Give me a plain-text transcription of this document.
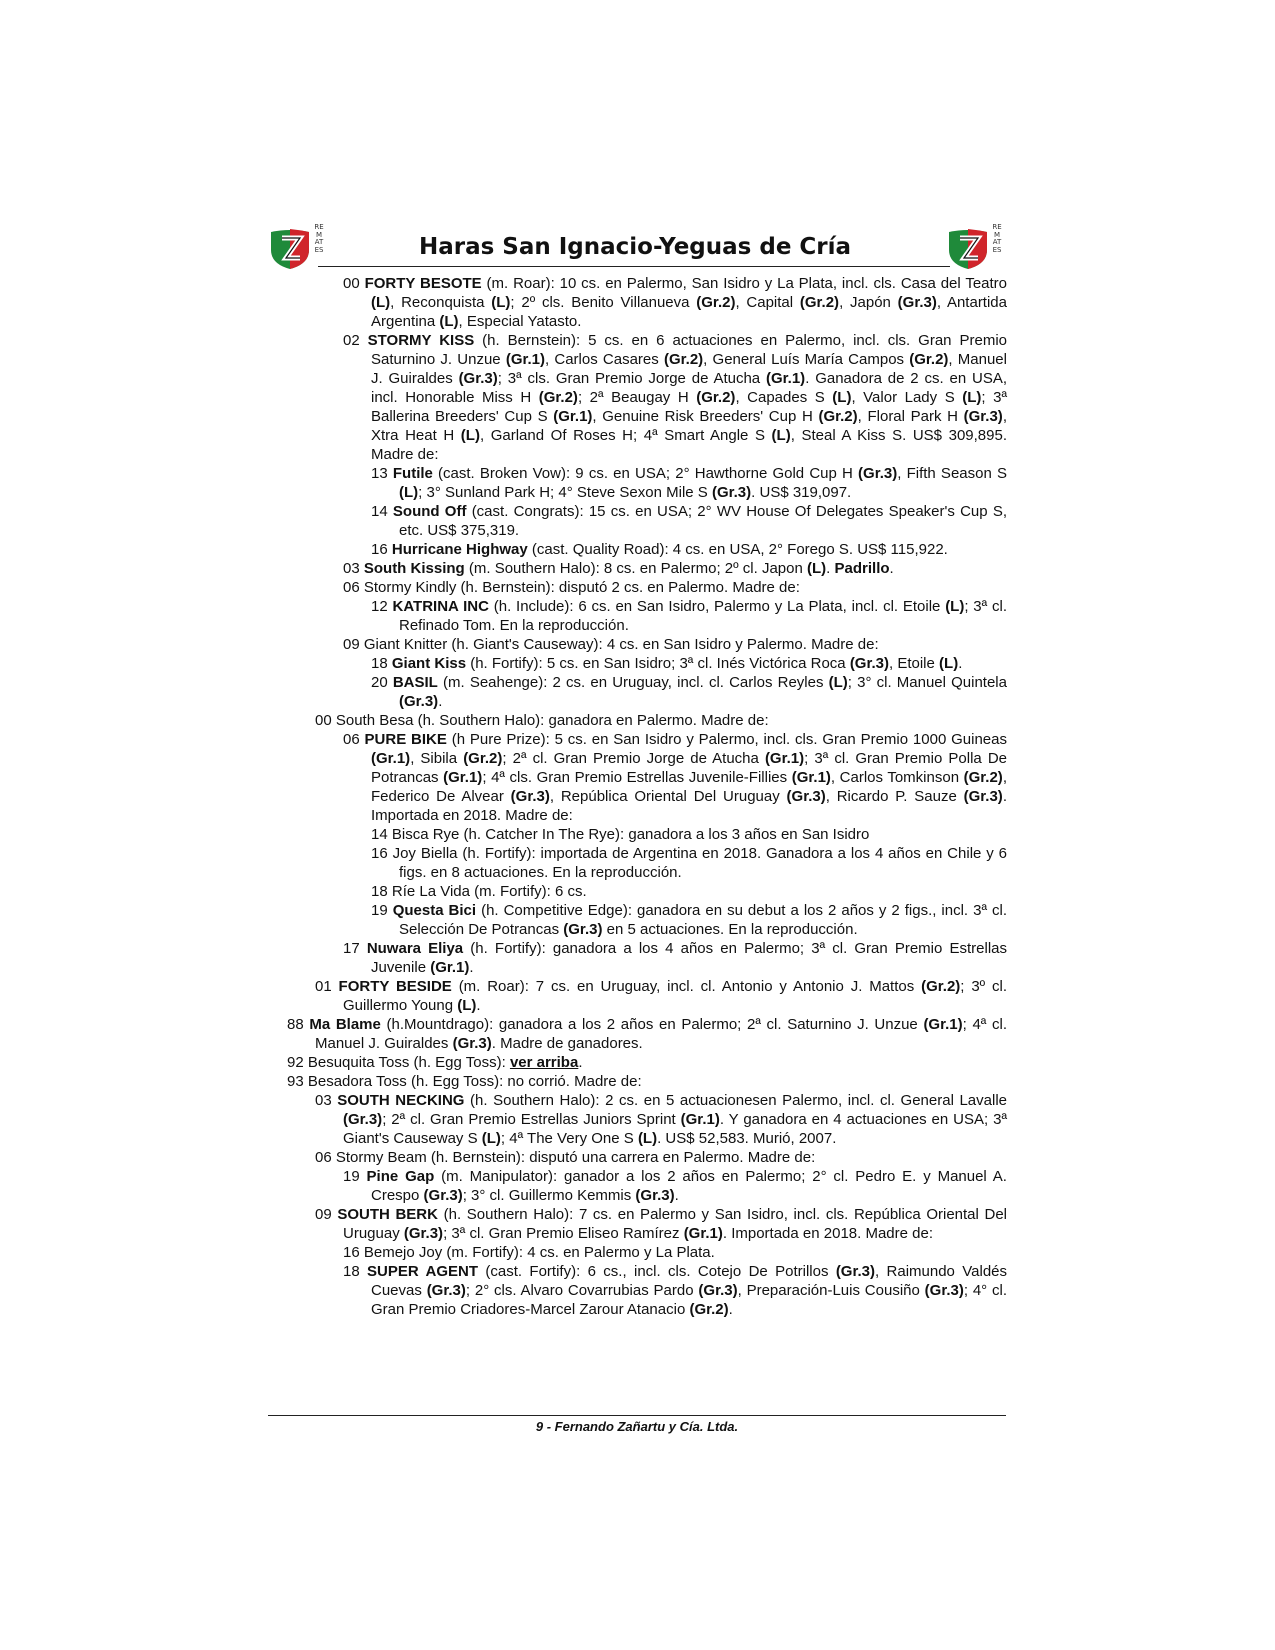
REMATES	Haras San Ignacio-Yeguas de Cría
REMATES

00 FORTY BESOTE (m. Roar): 10 cs. en Palermo, San Isidro y La Plata, incl. cls. Casa del Teatro (L), Reconquista (L); 2º cls. Benito Villanueva (Gr.2), Capital (Gr.2), Japón (Gr.3), Antartida Argentina (L), Especial Yatasto.

02 STORMY KISS (h. Bernstein): 5 cs. en 6 actuaciones en Palermo, incl. cls. Gran Premio Saturnino J. Unzue (Gr.1), Carlos Casares (Gr.2), General Luís María Campos (Gr.2), Manuel J. Guiraldes (Gr.3); 3ª cls. Gran Premio Jorge de Atucha (Gr.1). Ganadora de 2 cs. en USA, incl. Honorable Miss H (Gr.2); 2ª Beaugay H (Gr.2), Capades S (L), Valor Lady S (L); 3ª Ballerina Breeders' Cup S (Gr.1), Genuine Risk Breeders' Cup H (Gr.2), Floral Park H (Gr.3), Xtra Heat H (L), Garland Of Roses H; 4ª Smart Angle S (L), Steal A Kiss S. US$ 309,895. Madre de:

13 Futile (cast. Broken Vow): 9 cs. en USA; 2° Hawthorne Gold Cup H (Gr.3), Fifth Season S (L); 3° Sunland Park H; 4° Steve Sexon Mile S (Gr.3). US$ 319,097.

14 Sound Off (cast. Congrats): 15 cs. en USA; 2° WV House Of Delegates Speaker's Cup S, etc. US$ 375,319.

16 Hurricane Highway (cast. Quality Road): 4 cs. en USA, 2° Forego S. US$ 115,922.

03 South Kissing (m. Southern Halo): 8 cs. en Palermo; 2º cl. Japon (L). Padrillo.

06 Stormy Kindly (h. Bernstein): disputó 2 cs. en Palermo. Madre de:

12 KATRINA INC (h. Include): 6 cs. en San Isidro, Palermo y La Plata, incl. cl. Etoile (L); 3ª cl. Refinado Tom. En la reproducción.

09 Giant Knitter (h. Giant's Causeway): 4 cs. en San Isidro y Palermo. Madre de:

18 Giant Kiss (h. Fortify): 5 cs. en San Isidro; 3ª cl. Inés Victórica Roca (Gr.3), Etoile (L).

20 BASIL (m. Seahenge): 2 cs. en Uruguay, incl. cl. Carlos Reyles (L); 3° cl. Manuel Quintela (Gr.3).

00 South Besa (h. Southern Halo): ganadora en Palermo. Madre de:

06 PURE BIKE (h Pure Prize): 5 cs. en San Isidro y Palermo, incl. cls. Gran Premio 1000 Guineas (Gr.1), Sibila (Gr.2); 2ª cl. Gran Premio Jorge de Atucha (Gr.1); 3ª cl. Gran Premio Polla De Potrancas (Gr.1); 4ª cls. Gran Premio Estrellas Juvenile-Fillies (Gr.1), Carlos Tomkinson (Gr.2), Federico De Alvear (Gr.3), República Oriental Del Uruguay (Gr.3), Ricardo P. Sauze (Gr.3). Importada en 2018. Madre de:

14 Bisca Rye (h. Catcher In The Rye): ganadora a los 3 años en San Isidro

16 Joy Biella (h. Fortify): importada de Argentina en 2018. Ganadora a los 4 años en Chile y 6 figs. en 8 actuaciones. En la reproducción.

18 Ríe La Vida (m. Fortify): 6 cs.

19 Questa Bici (h. Competitive Edge): ganadora en su debut a los 2 años y 2 figs., incl. 3ª cl. Selección De Potrancas (Gr.3) en 5 actuaciones. En la reproducción.

17 Nuwara Eliya (h. Fortify): ganadora a los 4 años en Palermo; 3ª cl. Gran Premio Estrellas Juvenile (Gr.1).

01 FORTY BESIDE (m. Roar): 7 cs. en Uruguay, incl. cl. Antonio y Antonio J. Mattos (Gr.2); 3º cl. Guillermo Young (L).

88 Ma Blame (h.Mountdrago): ganadora a los 2 años en Palermo; 2ª cl. Saturnino J. Unzue (Gr.1); 4ª cl. Manuel J. Guiraldes (Gr.3). Madre de ganadores.

92 Besuquita Toss (h. Egg Toss): ver arriba.

93 Besadora Toss (h. Egg Toss): no corrió. Madre de:

03 SOUTH NECKING (h. Southern Halo): 2 cs. en 5 actuacionesen Palermo, incl. cl. General Lavalle (Gr.3); 2ª cl. Gran Premio Estrellas Juniors Sprint (Gr.1). Y ganadora en 4 actuaciones en USA; 3ª Giant's Causeway S (L); 4ª The Very One S (L). US$ 52,583. Murió, 2007.

06 Stormy Beam (h. Bernstein): disputó una carrera en Palermo. Madre de:

19 Pine Gap (m. Manipulator): ganador a los 2 años en Palermo; 2° cl. Pedro E. y Manuel A. Crespo (Gr.3); 3° cl. Guillermo Kemmis (Gr.3).

09 SOUTH BERK (h. Southern Halo): 7 cs. en Palermo y San Isidro, incl. cls. República Oriental Del Uruguay (Gr.3); 3ª cl. Gran Premio Eliseo Ramírez (Gr.1). Importada en 2018. Madre de:

16 Bemejo Joy (m. Fortify): 4 cs. en Palermo y La Plata.

18 SUPER AGENT (cast. Fortify): 6 cs., incl. cls. Cotejo De Potrillos (Gr.3), Raimundo Valdés Cuevas (Gr.3); 2° cls. Alvaro Covarrubias Pardo (Gr.3), Preparación-Luis Cousiño (Gr.3); 4° cl. Gran Premio Criadores-Marcel Zarour Atanacio (Gr.2).

9 - Fernando Zañartu y Cía. Ltda.
